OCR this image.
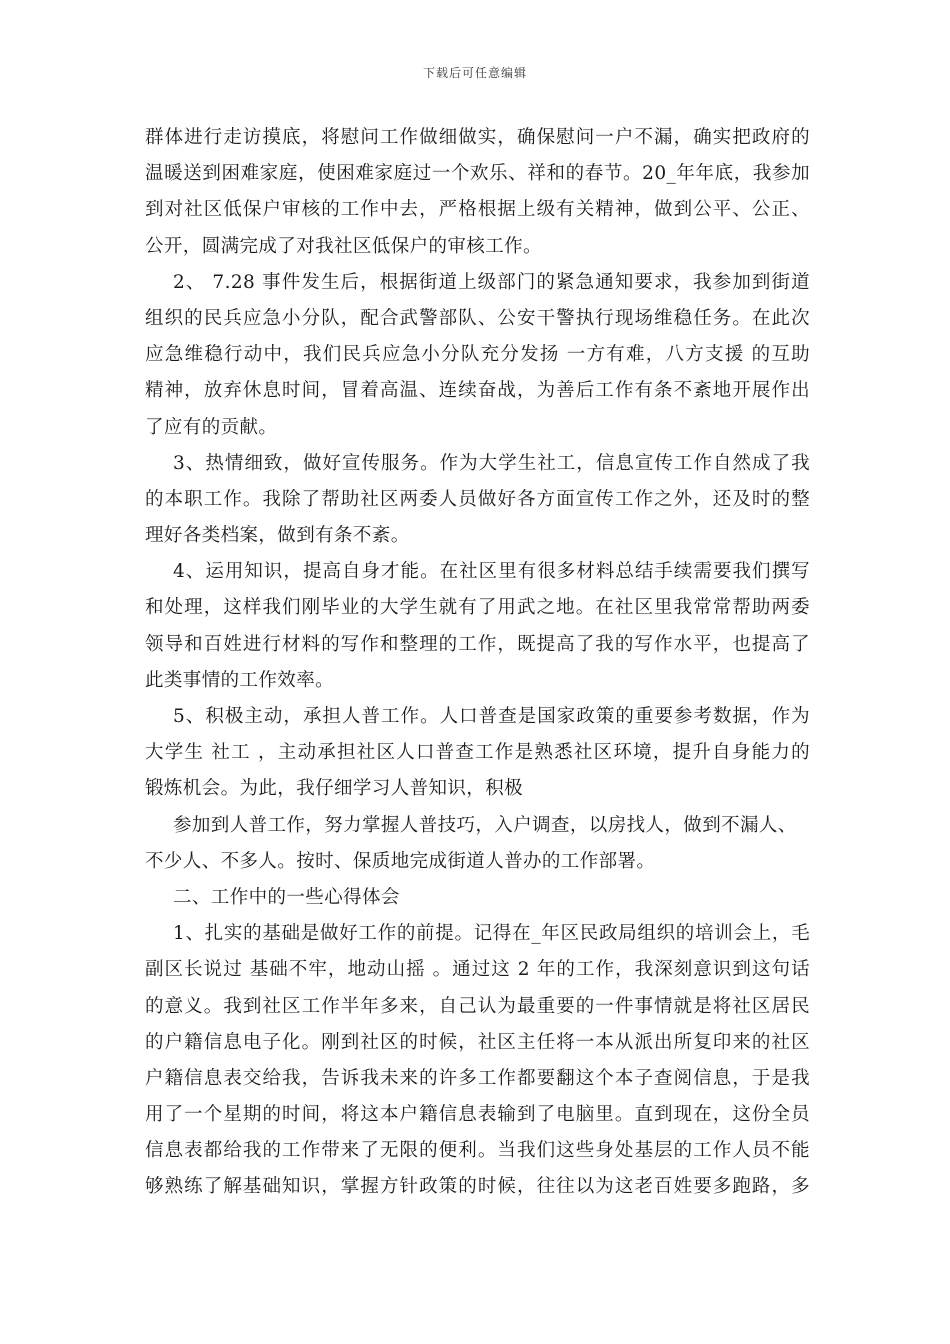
下载后可任意编辑
群体进行走访摸底，将慰问工作做细做实，确保慰问一户不漏，确实把政府的
温暖送到困难家庭，使困难家庭过一个欢乐、祥和的春节。20_年年底，我参加
到对社区低保户审核的工作中去，严格根据上级有关精神，做到公平、公正、
公开，圆满完成了对我社区低保户的审核工作。
2、 7.28 事件发生后，根据街道上级部门的紧急通知要求，我参加到街道
组织的民兵应急小分队，配合武警部队、公安干警执行现场维稳任务。在此次
应急维稳行动中，我们民兵应急小分队充分发扬 一方有难，八方支援 的互助
精神，放弃休息时间，冒着高温、连续奋战，为善后工作有条不紊地开展作出
了应有的贡献。
3、热情细致，做好宣传服务。作为大学生社工，信息宣传工作自然成了我
的本职工作。我除了帮助社区两委人员做好各方面宣传工作之外，还及时的整
理好各类档案，做到有条不紊。
4、运用知识，提高自身才能。在社区里有很多材料总结手续需要我们撰写
和处理，这样我们刚毕业的大学生就有了用武之地。在社区里我常常帮助两委
领导和百姓进行材料的写作和整理的工作，既提高了我的写作水平，也提高了
此类事情的工作效率。
5、积极主动，承担人普工作。人口普查是国家政策的重要参考数据，作为
大学生 社工 ，主动承担社区人口普查工作是熟悉社区环境，提升自身能力的
锻炼机会。为此，我仔细学习人普知识，积极
参加到人普工作，努力掌握人普技巧，入户调查，以房找人，做到不漏人、
不少人、不多人。按时、保质地完成街道人普办的工作部署。
二、工作中的一些心得体会
1、扎实的基础是做好工作的前提。记得在_年区民政局组织的培训会上，毛
副区长说过 基础不牢，地动山摇 。通过这 2 年的工作，我深刻意识到这句话
的意义。我到社区工作半年多来，自己认为最重要的一件事情就是将社区居民
的户籍信息电子化。刚到社区的时候，社区主任将一本从派出所复印来的社区
户籍信息表交给我，告诉我未来的许多工作都要翻这个本子查阅信息，于是我
用了一个星期的时间，将这本户籍信息表输到了电脑里。直到现在，这份全员
信息表都给我的工作带来了无限的便利。当我们这些身处基层的工作人员不能
够熟练了解基础知识，掌握方针政策的时候，往往以为这老百姓要多跑路，多
